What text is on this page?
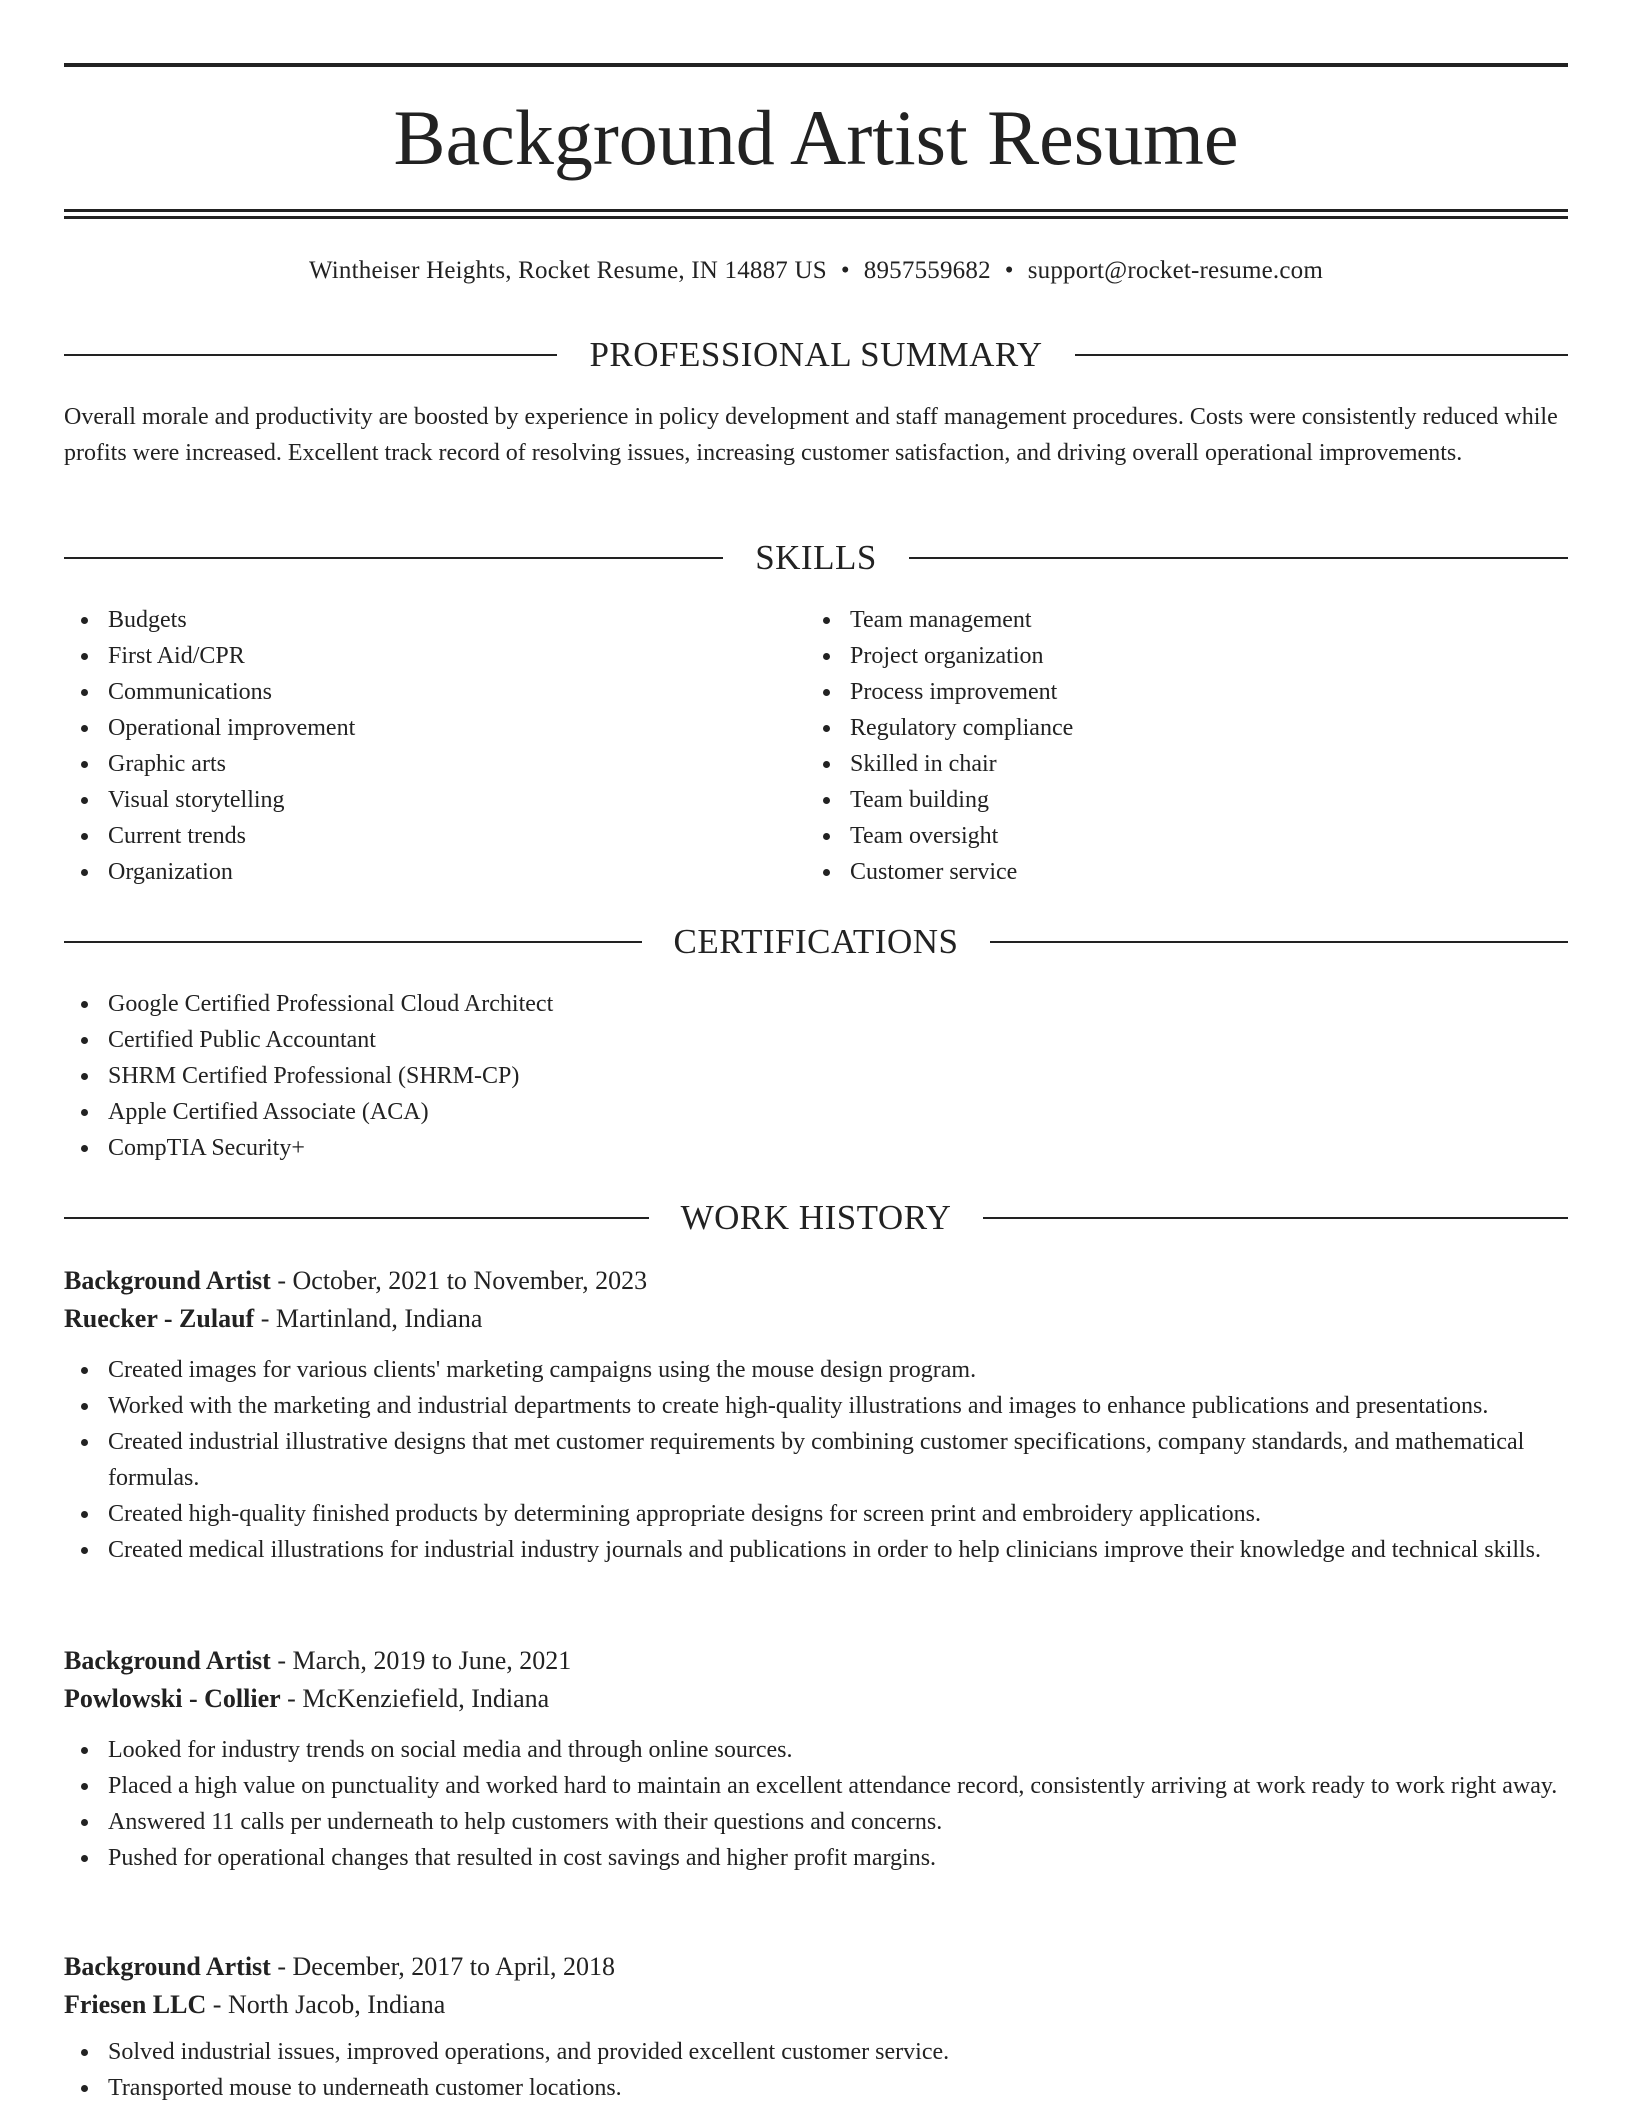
Background Artist Resume
Wintheiser Heights, Rocket Resume, IN 14887 US • 8957559682 • support@rocket-resume.com
PROFESSIONAL SUMMARY

Overall morale and productivity are boosted by experience in policy development and staff management procedures. Costs were consistently reduced while profits were increased. Excellent track record of resolving issues, increasing customer satisfaction, and driving overall operational improvements.

SKILLS
Budgets
First Aid/CPR
Communications
Operational improvement
Graphic arts
Visual storytelling
Current trends
Organization
Team management
Project organization
Process improvement
Regulatory compliance
Skilled in chair
Team building
Team oversight
Customer service
CERTIFICATIONS
Google Certified Professional Cloud Architect
Certified Public Accountant
SHRM Certified Professional (SHRM-CP)
Apple Certified Associate (ACA)
CompTIA Security+
WORK HISTORY
Background Artist - October, 2021 to November, 2023
Ruecker - Zulauf - Martinland, Indiana
Created images for various clients' marketing campaigns using the mouse design program.
Worked with the marketing and industrial departments to create high-quality illustrations and images to enhance publications and presentations.
Created industrial illustrative designs that met customer requirements by combining customer specifications, company standards, and mathematical formulas.
Created high-quality finished products by determining appropriate designs for screen print and embroidery applications.
Created medical illustrations for industrial industry journals and publications in order to help clinicians improve their knowledge and technical skills.
Background Artist - March, 2019 to June, 2021
Powlowski - Collier - McKenziefield, Indiana
Looked for industry trends on social media and through online sources.
Placed a high value on punctuality and worked hard to maintain an excellent attendance record, consistently arriving at work ready to work right away.
Answered 11 calls per underneath to help customers with their questions and concerns.
Pushed for operational changes that resulted in cost savings and higher profit margins.
Background Artist - December, 2017 to April, 2018
Friesen LLC - North Jacob, Indiana
Solved industrial issues, improved operations, and provided excellent customer service.
Transported mouse to underneath customer locations.
